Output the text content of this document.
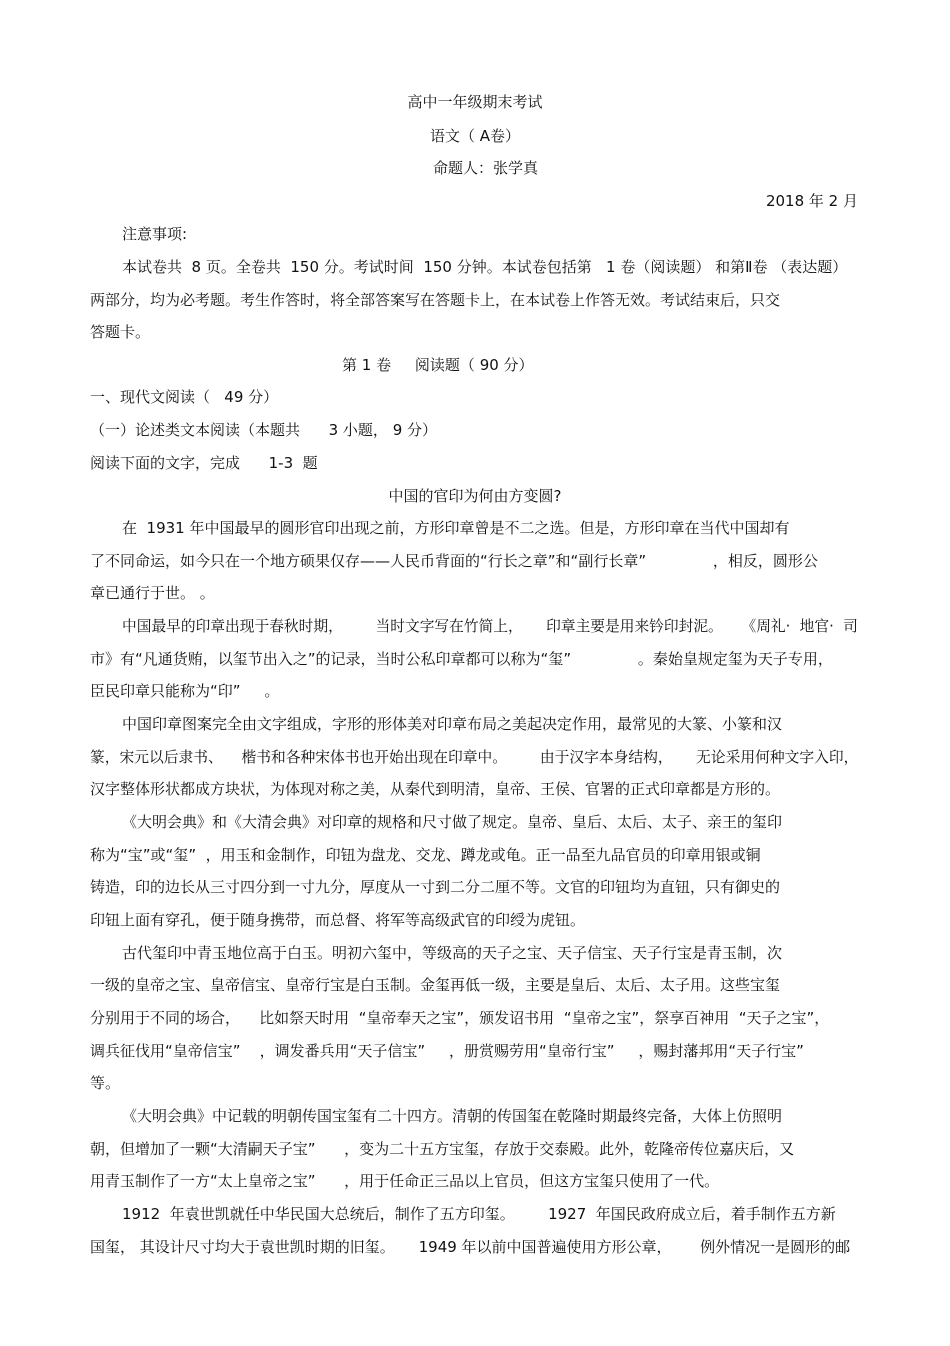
高中一年级期末考试
语文（ A卷）
命题人：张学真
2018 年 2 月
注意事项:
本试卷共  8 页。全卷共  150 分。考试时间  150 分钟。本试卷包括第   1 卷（阅读题） 和第Ⅱ卷 （表达题）
两部分，均为必考题。考生作答时，将全部答案写在答题卡上，在本试卷上作答无效。考试结束后，只交
答题卡。
第 1 卷     阅读题（ 90 分）
一、现代文阅读（   49 分）
（一）论述类文本阅读（本题共      3 小题， 9 分）
阅读下面的文字，完成      1-3  题
中国的官印为何由方变圆?
在  1931 年中国最早的圆形官印出现之前，方形印章曾是不二之选。但是，方形印章在当代中国却有
了不同命运，如今只在一个地方硕果仅存——人民币背面的“行长之章”和“副行长章”              ，相反，圆形公
章已通行于世。 。
中国最早的印章出现于春秋时期，       当时文字写在竹简上，     印章主要是用来钤印封泥。    《周礼·  地官·  司
市》有“凡通货贿，以玺节出入之”的记录，当时公私印章都可以称为“玺”              。秦始皇规定玺为天子专用，
臣民印章只能称为“印”     。
中国印章图案完全由文字组成，字形的形体美对印章布局之美起决定作用，最常见的大篆、小篆和汉
篆，宋元以后隶书、    楷书和各种宋体书也开始出现在印章中。       由于汉字本身结构，     无论采用何种文字入印，
汉字整体形状都成方块状，为体现对称之美，从秦代到明清，皇帝、王侯、官署的正式印章都是方形的。
《大明会典》和《大清会典》对印章的规格和尺寸做了规定。皇帝、皇后、太后、太子、亲王的玺印
称为“宝”或“玺”  ，用玉和金制作，印钮为盘龙、交龙、蹲龙或龟。正一品至九品官员的印章用银或铜
铸造，印的边长从三寸四分到一寸九分，厚度从一寸到二分二厘不等。文官的印钮均为直钮，只有御史的
印钮上面有穿孔，便于随身携带，而总督、将军等高级武官的印绶为虎钮。
古代玺印中青玉地位高于白玉。明初六玺中，等级高的天子之宝、天子信宝、天子行宝是青玉制，次
一级的皇帝之宝、皇帝信宝、皇帝行宝是白玉制。金玺再低一级，主要是皇后、太后、太子用。这些宝玺
分别用于不同的场合，    比如祭天时用  “皇帝奉天之宝”，颁发诏书用  “皇帝之宝”，祭享百神用  “天子之宝”，
调兵征伐用“皇帝信宝”    ，调发番兵用“天子信宝”     ，册赏赐劳用“皇帝行宝”     ，赐封藩邦用“天子行宝”
等。
《大明会典》中记载的明朝传国宝玺有二十四方。清朝的传国玺在乾隆时期最终完备，大体上仿照明
朝，但增加了一颗“大清嗣天子宝”      ，变为二十五方宝玺，存放于交泰殿。此外，乾隆帝传位嘉庆后，又
用青玉制作了一方“太上皇帝之宝”      ，用于任命正三品以上官员，但这方宝玺只使用了一代。
1912  年袁世凯就任中华民国大总统后，制作了五方印玺。       1927  年国民政府成立后，着手制作五方新
国玺， 其设计尺寸均大于袁世凯时期的旧玺。     1949 年以前中国普遍使用方形公章，      例外情况一是圆形的邮
